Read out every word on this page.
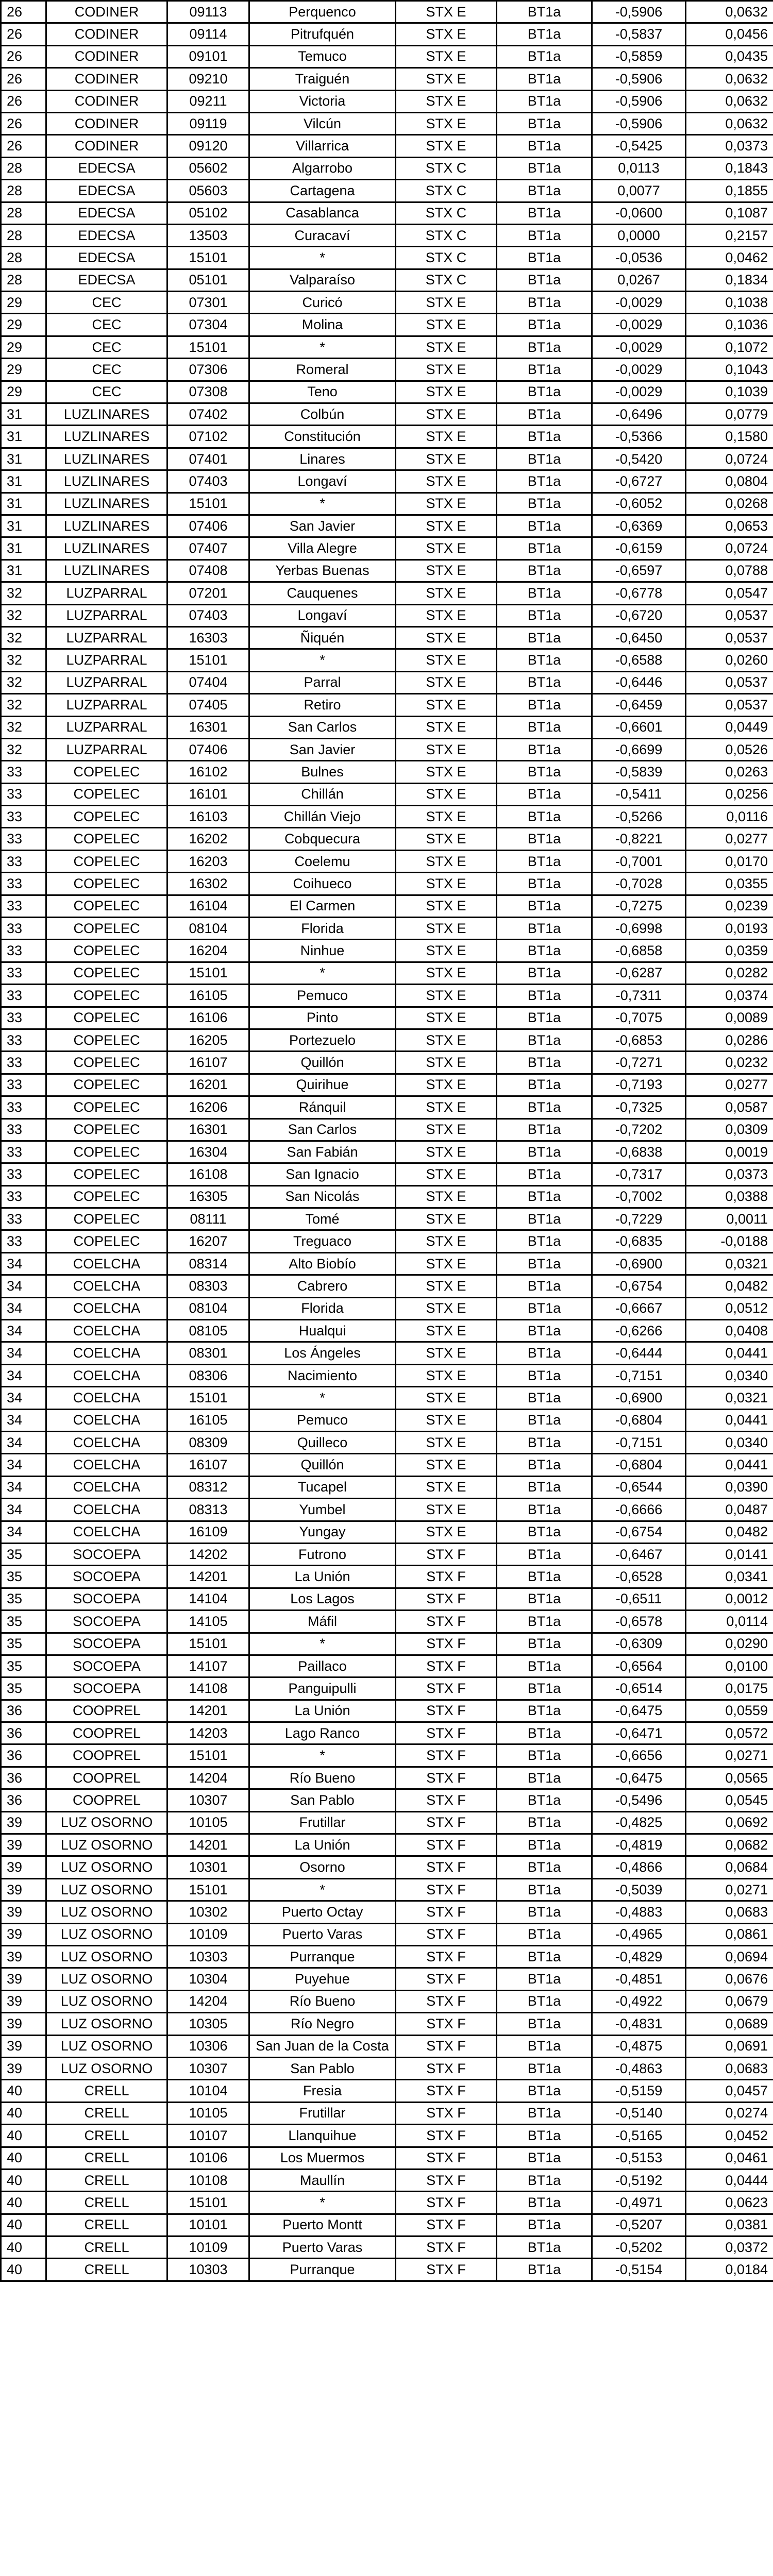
26	CODINER	09113	Perquenco	STX E	BT1a	-0,5906	0,0632
26	CODINER	09114	Pitrufquén	STX E	BT1a	-0,5837	0,0456
26	CODINER	09101	Temuco	STX E	BT1a	-0,5859	0,0435
26	CODINER	09210	Traiguén	STX E	BT1a	-0,5906	0,0632
26	CODINER	09211	Victoria	STX E	BT1a	-0,5906	0,0632
26	CODINER	09119	Vilcún	STX E	BT1a	-0,5906	0,0632
26	CODINER	09120	Villarrica	STX E	BT1a	-0,5425	0,0373
28	EDECSA	05602	Algarrobo	STX C	BT1a	0,0113	0,1843
28	EDECSA	05603	Cartagena	STX C	BT1a	0,0077	0,1855
28	EDECSA	05102	Casablanca	STX C	BT1a	-0,0600	0,1087
28	EDECSA	13503	Curacaví	STX C	BT1a	0,0000	0,2157
28	EDECSA	15101	*	STX C	BT1a	-0,0536	0,0462
28	EDECSA	05101	Valparaíso	STX C	BT1a	0,0267	0,1834
29	CEC	07301	Curicó	STX E	BT1a	-0,0029	0,1038
29	CEC	07304	Molina	STX E	BT1a	-0,0029	0,1036
29	CEC	15101	*	STX E	BT1a	-0,0029	0,1072
29	CEC	07306	Romeral	STX E	BT1a	-0,0029	0,1043
29	CEC	07308	Teno	STX E	BT1a	-0,0029	0,1039
31	LUZLINARES	07402	Colbún	STX E	BT1a	-0,6496	0,0779
31	LUZLINARES	07102	Constitución	STX E	BT1a	-0,5366	0,1580
31	LUZLINARES	07401	Linares	STX E	BT1a	-0,5420	0,0724
31	LUZLINARES	07403	Longaví	STX E	BT1a	-0,6727	0,0804
31	LUZLINARES	15101	*	STX E	BT1a	-0,6052	0,0268
31	LUZLINARES	07406	San Javier	STX E	BT1a	-0,6369	0,0653
31	LUZLINARES	07407	Villa Alegre	STX E	BT1a	-0,6159	0,0724
31	LUZLINARES	07408	Yerbas Buenas	STX E	BT1a	-0,6597	0,0788
32	LUZPARRAL	07201	Cauquenes	STX E	BT1a	-0,6778	0,0547
32	LUZPARRAL	07403	Longaví	STX E	BT1a	-0,6720	0,0537
32	LUZPARRAL	16303	Ñiquén	STX E	BT1a	-0,6450	0,0537
32	LUZPARRAL	15101	*	STX E	BT1a	-0,6588	0,0260
32	LUZPARRAL	07404	Parral	STX E	BT1a	-0,6446	0,0537
32	LUZPARRAL	07405	Retiro	STX E	BT1a	-0,6459	0,0537
32	LUZPARRAL	16301	San Carlos	STX E	BT1a	-0,6601	0,0449
32	LUZPARRAL	07406	San Javier	STX E	BT1a	-0,6699	0,0526
33	COPELEC	16102	Bulnes	STX E	BT1a	-0,5839	0,0263
33	COPELEC	16101	Chillán	STX E	BT1a	-0,5411	0,0256
33	COPELEC	16103	Chillán Viejo	STX E	BT1a	-0,5266	0,0116
33	COPELEC	16202	Cobquecura	STX E	BT1a	-0,8221	0,0277
33	COPELEC	16203	Coelemu	STX E	BT1a	-0,7001	0,0170
33	COPELEC	16302	Coihueco	STX E	BT1a	-0,7028	0,0355
33	COPELEC	16104	El Carmen	STX E	BT1a	-0,7275	0,0239
33	COPELEC	08104	Florida	STX E	BT1a	-0,6998	0,0193
33	COPELEC	16204	Ninhue	STX E	BT1a	-0,6858	0,0359
33	COPELEC	15101	*	STX E	BT1a	-0,6287	0,0282
33	COPELEC	16105	Pemuco	STX E	BT1a	-0,7311	0,0374
33	COPELEC	16106	Pinto	STX E	BT1a	-0,7075	0,0089
33	COPELEC	16205	Portezuelo	STX E	BT1a	-0,6853	0,0286
33	COPELEC	16107	Quillón	STX E	BT1a	-0,7271	0,0232
33	COPELEC	16201	Quirihue	STX E	BT1a	-0,7193	0,0277
33	COPELEC	16206	Ránquil	STX E	BT1a	-0,7325	0,0587
33	COPELEC	16301	San Carlos	STX E	BT1a	-0,7202	0,0309
33	COPELEC	16304	San Fabián	STX E	BT1a	-0,6838	0,0019
33	COPELEC	16108	San Ignacio	STX E	BT1a	-0,7317	0,0373
33	COPELEC	16305	San Nicolás	STX E	BT1a	-0,7002	0,0388
33	COPELEC	08111	Tomé	STX E	BT1a	-0,7229	0,0011
33	COPELEC	16207	Treguaco	STX E	BT1a	-0,6835	-0,0188
34	COELCHA	08314	Alto Biobío	STX E	BT1a	-0,6900	0,0321
34	COELCHA	08303	Cabrero	STX E	BT1a	-0,6754	0,0482
34	COELCHA	08104	Florida	STX E	BT1a	-0,6667	0,0512
34	COELCHA	08105	Hualqui	STX E	BT1a	-0,6266	0,0408
34	COELCHA	08301	Los Ángeles	STX E	BT1a	-0,6444	0,0441
34	COELCHA	08306	Nacimiento	STX E	BT1a	-0,7151	0,0340
34	COELCHA	15101	*	STX E	BT1a	-0,6900	0,0321
34	COELCHA	16105	Pemuco	STX E	BT1a	-0,6804	0,0441
34	COELCHA	08309	Quilleco	STX E	BT1a	-0,7151	0,0340
34	COELCHA	16107	Quillón	STX E	BT1a	-0,6804	0,0441
34	COELCHA	08312	Tucapel	STX E	BT1a	-0,6544	0,0390
34	COELCHA	08313	Yumbel	STX E	BT1a	-0,6666	0,0487
34	COELCHA	16109	Yungay	STX E	BT1a	-0,6754	0,0482
35	SOCOEPA	14202	Futrono	STX F	BT1a	-0,6467	0,0141
35	SOCOEPA	14201	La Unión	STX F	BT1a	-0,6528	0,0341
35	SOCOEPA	14104	Los Lagos	STX F	BT1a	-0,6511	0,0012
35	SOCOEPA	14105	Máfil	STX F	BT1a	-0,6578	0,0114
35	SOCOEPA	15101	*	STX F	BT1a	-0,6309	0,0290
35	SOCOEPA	14107	Paillaco	STX F	BT1a	-0,6564	0,0100
35	SOCOEPA	14108	Panguipulli	STX F	BT1a	-0,6514	0,0175
36	COOPREL	14201	La Unión	STX F	BT1a	-0,6475	0,0559
36	COOPREL	14203	Lago Ranco	STX F	BT1a	-0,6471	0,0572
36	COOPREL	15101	*	STX F	BT1a	-0,6656	0,0271
36	COOPREL	14204	Río Bueno	STX F	BT1a	-0,6475	0,0565
36	COOPREL	10307	San Pablo	STX F	BT1a	-0,5496	0,0545
39	LUZ OSORNO	10105	Frutillar	STX F	BT1a	-0,4825	0,0692
39	LUZ OSORNO	14201	La Unión	STX F	BT1a	-0,4819	0,0682
39	LUZ OSORNO	10301	Osorno	STX F	BT1a	-0,4866	0,0684
39	LUZ OSORNO	15101	*	STX F	BT1a	-0,5039	0,0271
39	LUZ OSORNO	10302	Puerto Octay	STX F	BT1a	-0,4883	0,0683
39	LUZ OSORNO	10109	Puerto Varas	STX F	BT1a	-0,4965	0,0861
39	LUZ OSORNO	10303	Purranque	STX F	BT1a	-0,4829	0,0694
39	LUZ OSORNO	10304	Puyehue	STX F	BT1a	-0,4851	0,0676
39	LUZ OSORNO	14204	Río Bueno	STX F	BT1a	-0,4922	0,0679
39	LUZ OSORNO	10305	Río Negro	STX F	BT1a	-0,4831	0,0689
39	LUZ OSORNO	10306	San Juan de la Costa	STX F	BT1a	-0,4875	0,0691
39	LUZ OSORNO	10307	San Pablo	STX F	BT1a	-0,4863	0,0683
40	CRELL	10104	Fresia	STX F	BT1a	-0,5159	0,0457
40	CRELL	10105	Frutillar	STX F	BT1a	-0,5140	0,0274
40	CRELL	10107	Llanquihue	STX F	BT1a	-0,5165	0,0452
40	CRELL	10106	Los Muermos	STX F	BT1a	-0,5153	0,0461
40	CRELL	10108	Maullín	STX F	BT1a	-0,5192	0,0444
40	CRELL	15101	*	STX F	BT1a	-0,4971	0,0623
40	CRELL	10101	Puerto Montt	STX F	BT1a	-0,5207	0,0381
40	CRELL	10109	Puerto Varas	STX F	BT1a	-0,5202	0,0372
40	CRELL	10303	Purranque	STX F	BT1a	-0,5154	0,0184
